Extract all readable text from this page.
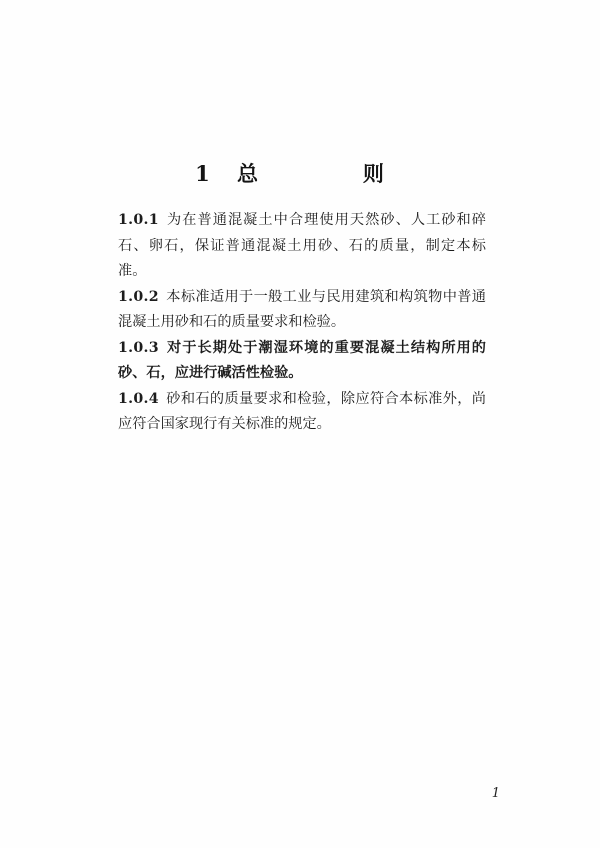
1 总　　则

1.0.1 为在普通混凝土中合理使用天然砂、人工砂和碎石、卵石，保证普通混凝土用砂、石的质量，制定本标准。

1.0.2 本标准适用于一般工业与民用建筑和构筑物中普通混凝土用砂和石的质量要求和检验。

1.0.3 对于长期处于潮湿环境的重要混凝土结构所用的砂、石，应进行碱活性检验。

1.0.4 砂和石的质量要求和检验，除应符合本标准外，尚应符合国家现行有关标准的规定。

1
